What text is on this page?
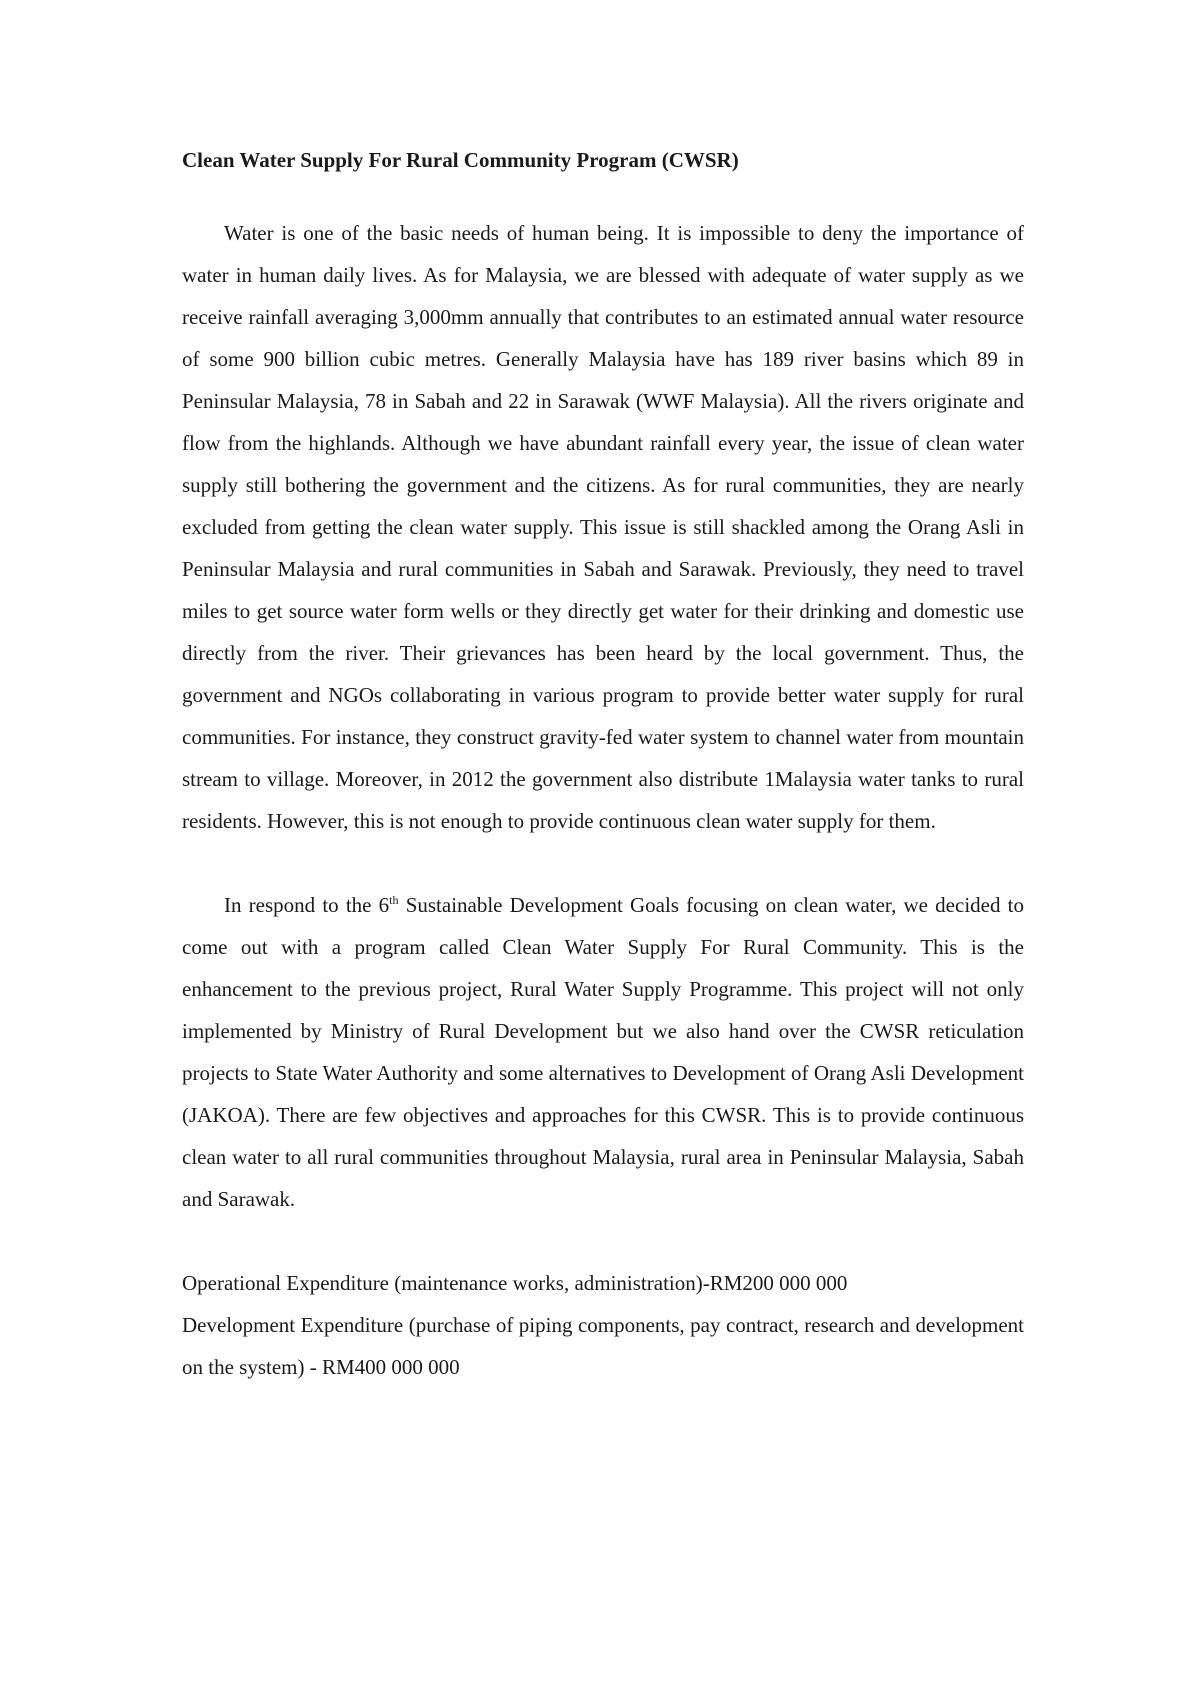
Clean Water Supply For Rural Community Program (CWSR)

Water is one of the basic needs of human being. It is impossible to deny the importance of water in human daily lives. As for Malaysia, we are blessed with adequate of water supply as we receive rainfall averaging 3,000mm annually that contributes to an estimated annual water resource of some 900 billion cubic metres. Generally Malaysia have has 189 river basins which 89 in Peninsular Malaysia, 78 in Sabah and 22 in Sarawak (WWF Malaysia). All the rivers originate and flow from the highlands. Although we have abundant rainfall every year, the issue of clean water supply still bothering the government and the citizens. As for rural communities, they are nearly excluded from getting the clean water supply. This issue is still shackled among the Orang Asli in Peninsular Malaysia and rural communities in Sabah and Sarawak. Previously, they need to travel miles to get source water form wells or they directly get water for their drinking and domestic use directly from the river. Their grievances has been heard by the local government. Thus, the government and NGOs collaborating in various program to provide better water supply for rural communities. For instance, they construct gravity-fed water system to channel water from mountain stream to village. Moreover, in 2012 the government also distribute 1Malaysia water tanks to rural residents. However, this is not enough to provide continuous clean water supply for them.

In respond to the 6th Sustainable Development Goals focusing on clean water, we decided to come out with a program called Clean Water Supply For Rural Community. This is the enhancement to the previous project, Rural Water Supply Programme. This project will not only implemented by Ministry of Rural Development but we also hand over the CWSR reticulation projects to State Water Authority and some alternatives to Development of Orang Asli Development (JAKOA). There are few objectives and approaches for this CWSR. This is to provide continuous clean water to all rural communities throughout Malaysia, rural area in Peninsular Malaysia, Sabah and Sarawak.

Operational Expenditure (maintenance works, administration)-RM200 000 000

Development Expenditure (purchase of piping components, pay contract, research and development on the system) - RM400 000 000
